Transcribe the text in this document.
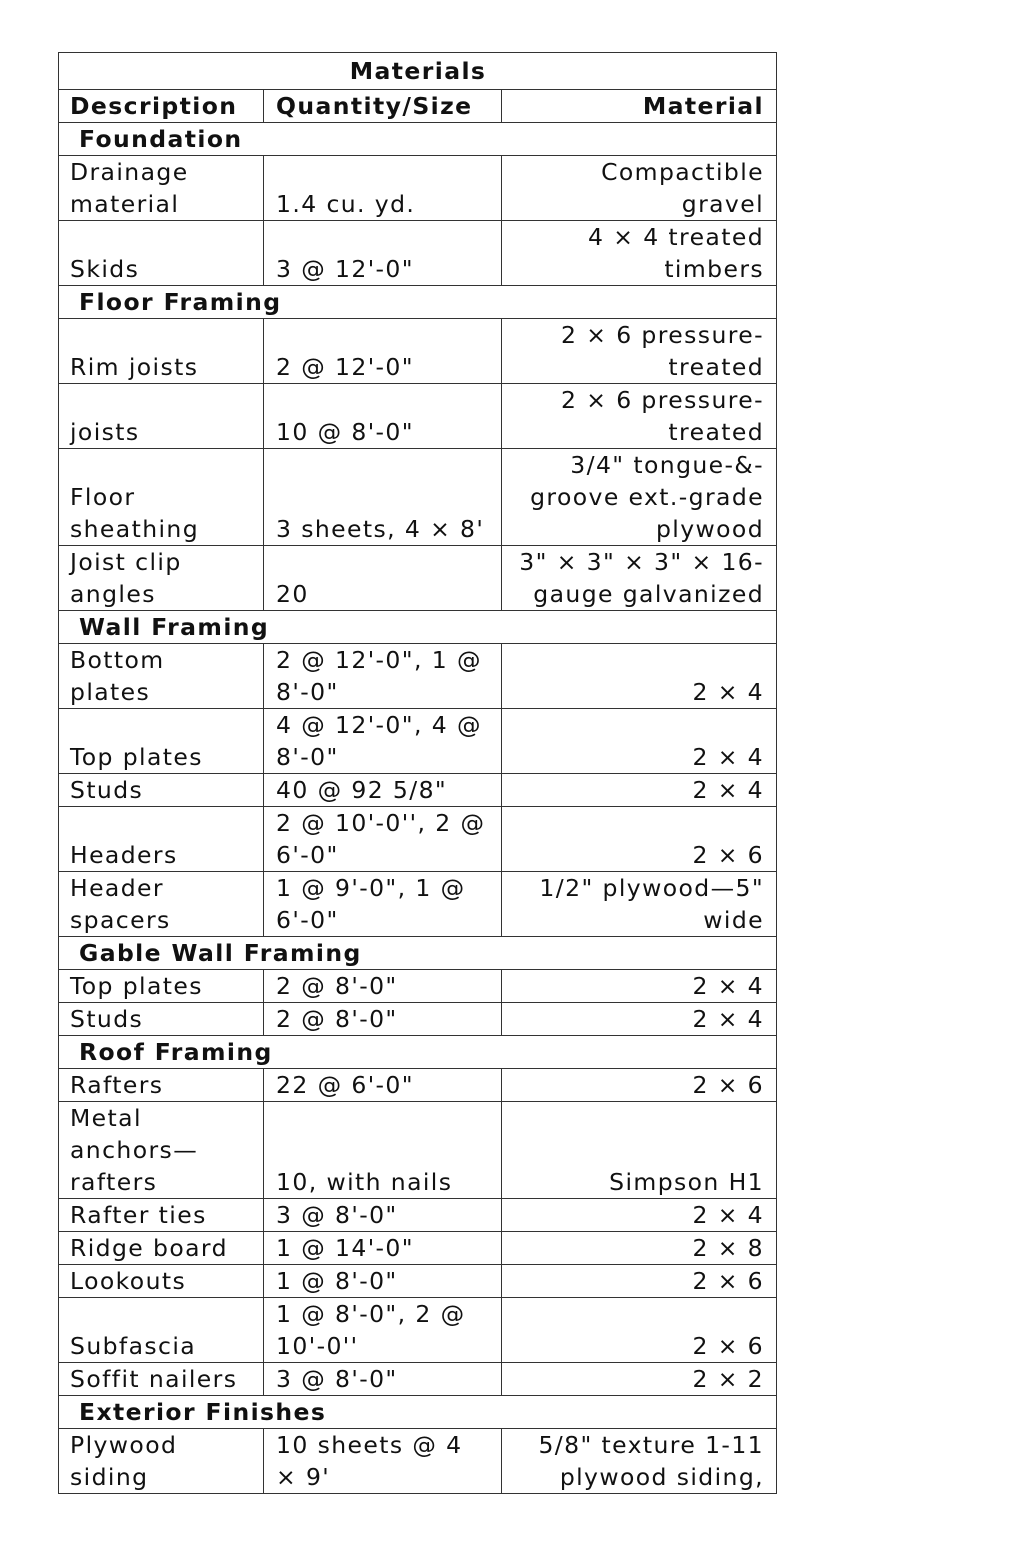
Materials		
Description	Quantity/Size	Material
Foundation		
Drainage material	1.4 cu. yd.	Compactible gravel
Skids	3 @ 12'-0"	4 × 4 treated timbers
Floor Framing		
Rim joists	2 @ 12'-0"	2 × 6 pressure-treated
joists	10 @ 8'-0"	2 × 6 pressure-treated
Floor sheathing	3 sheets, 4 × 8'	3/4" tongue-&-groove ext.-grade plywood
Joist clip angles	20	3" × 3" × 3" × 16-gauge galvanized
Wall Framing		
Bottom plates	2 @ 12'-0", 1 @ 8'-0"	2 × 4
Top plates	4 @ 12'-0", 4 @ 8'-0"	2 × 4
Studs	40 @ 92 5/8"	2 × 4
Headers	2 @ 10'-0'', 2 @ 6'-0"	2 × 6
Header spacers	1 @ 9'-0", 1 @ 6'-0"	1/2" plywood—5" wide
Gable Wall Framing		
Top plates	2 @ 8'-0"	2 × 4
Studs	2 @ 8'-0"	2 × 4
Roof Framing		
Rafters	22 @ 6'-0"	2 × 6
Metal anchors—rafters	10, with nails	Simpson H1
Rafter ties	3 @ 8'-0"	2 × 4
Ridge board	1 @ 14'-0"	2 × 8
Lookouts	1 @ 8'-0"	2 × 6
Subfascia	1 @ 8'-0", 2 @ 10'-0''	2 × 6
Soffit nailers	3 @ 8'-0"	2 × 2
Exterior Finishes		
Plywood siding	10 sheets @ 4 × 9'	5/8" texture 1-11 plywood siding,
